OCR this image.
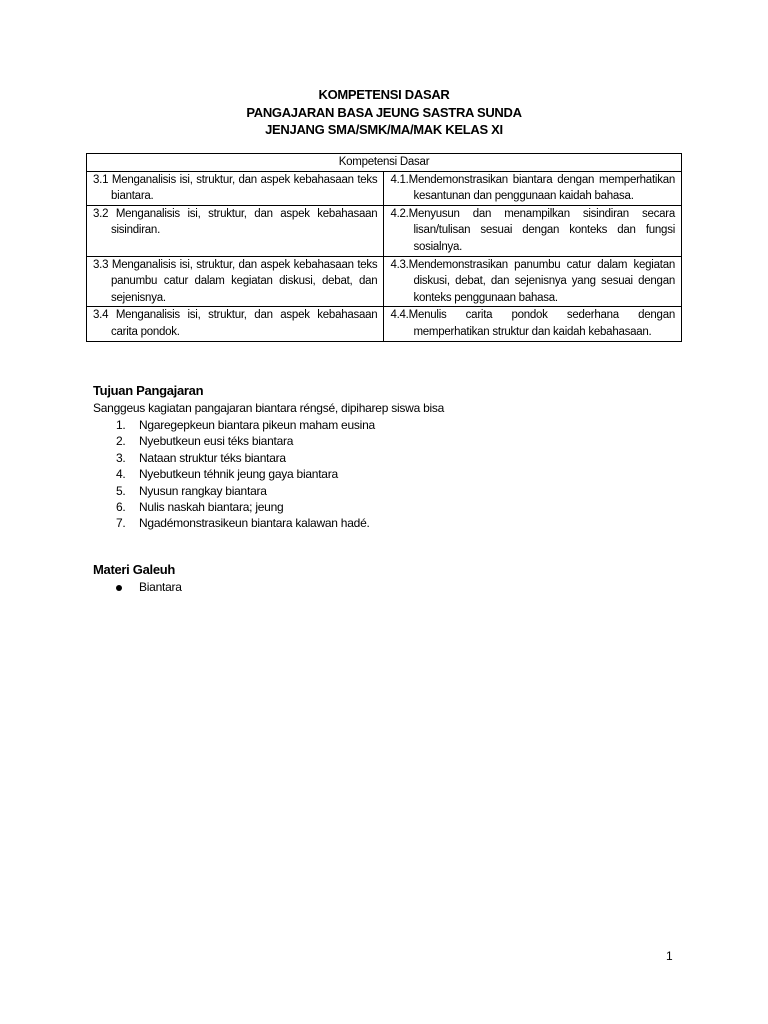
KOMPETENSI DASAR
PANGAJARAN BASA JEUNG SASTRA SUNDA
JENJANG SMA/SMK/MA/MAK KELAS XI
Kompetensi Dasar	

3.1 Menganalisis isi, struktur, dan aspek kebahasaan teks biantara.	4.1.Mendemonstrasikan biantara dengan memperhatikan kesantunan dan penggunaan kaidah bahasa.

3.2 Menganalisis isi, struktur, dan aspek kebahasaan sisindiran.	4.2.Menyusun dan menampilkan sisindiran secara lisan/tulisan sesuai dengan konteks dan fungsi sosialnya.

3.3 Menganalisis isi, struktur, dan aspek kebahasaan teks panumbu catur dalam kegiatan diskusi, debat, dan sejenisnya.	4.3.Mendemonstrasikan panumbu catur dalam kegiatan diskusi, debat, dan sejenisnya yang sesuai dengan konteks penggunaan bahasa.

3.4 Menganalisis isi, struktur, dan aspek kebahasaan carita pondok.	4.4.Menulis carita pondok sederhana dengan memperhatikan struktur dan kaidah kebahasaan.
Tujuan Pangajaran
Sanggeus kagiatan pangajaran biantara réngsé, dipiharep siswa bisa
1. Ngaregepkeun biantara pikeun maham eusina
2. Nyebutkeun eusi téks biantara
3. Nataan struktur téks biantara
4. Nyebutkeun téhnik jeung gaya biantara
5. Nyusun rangkay biantara
6. Nulis naskah biantara; jeung
7. Ngadémonstrasikeun biantara kalawan hadé.
Materi Galeuh
Biantara
1
